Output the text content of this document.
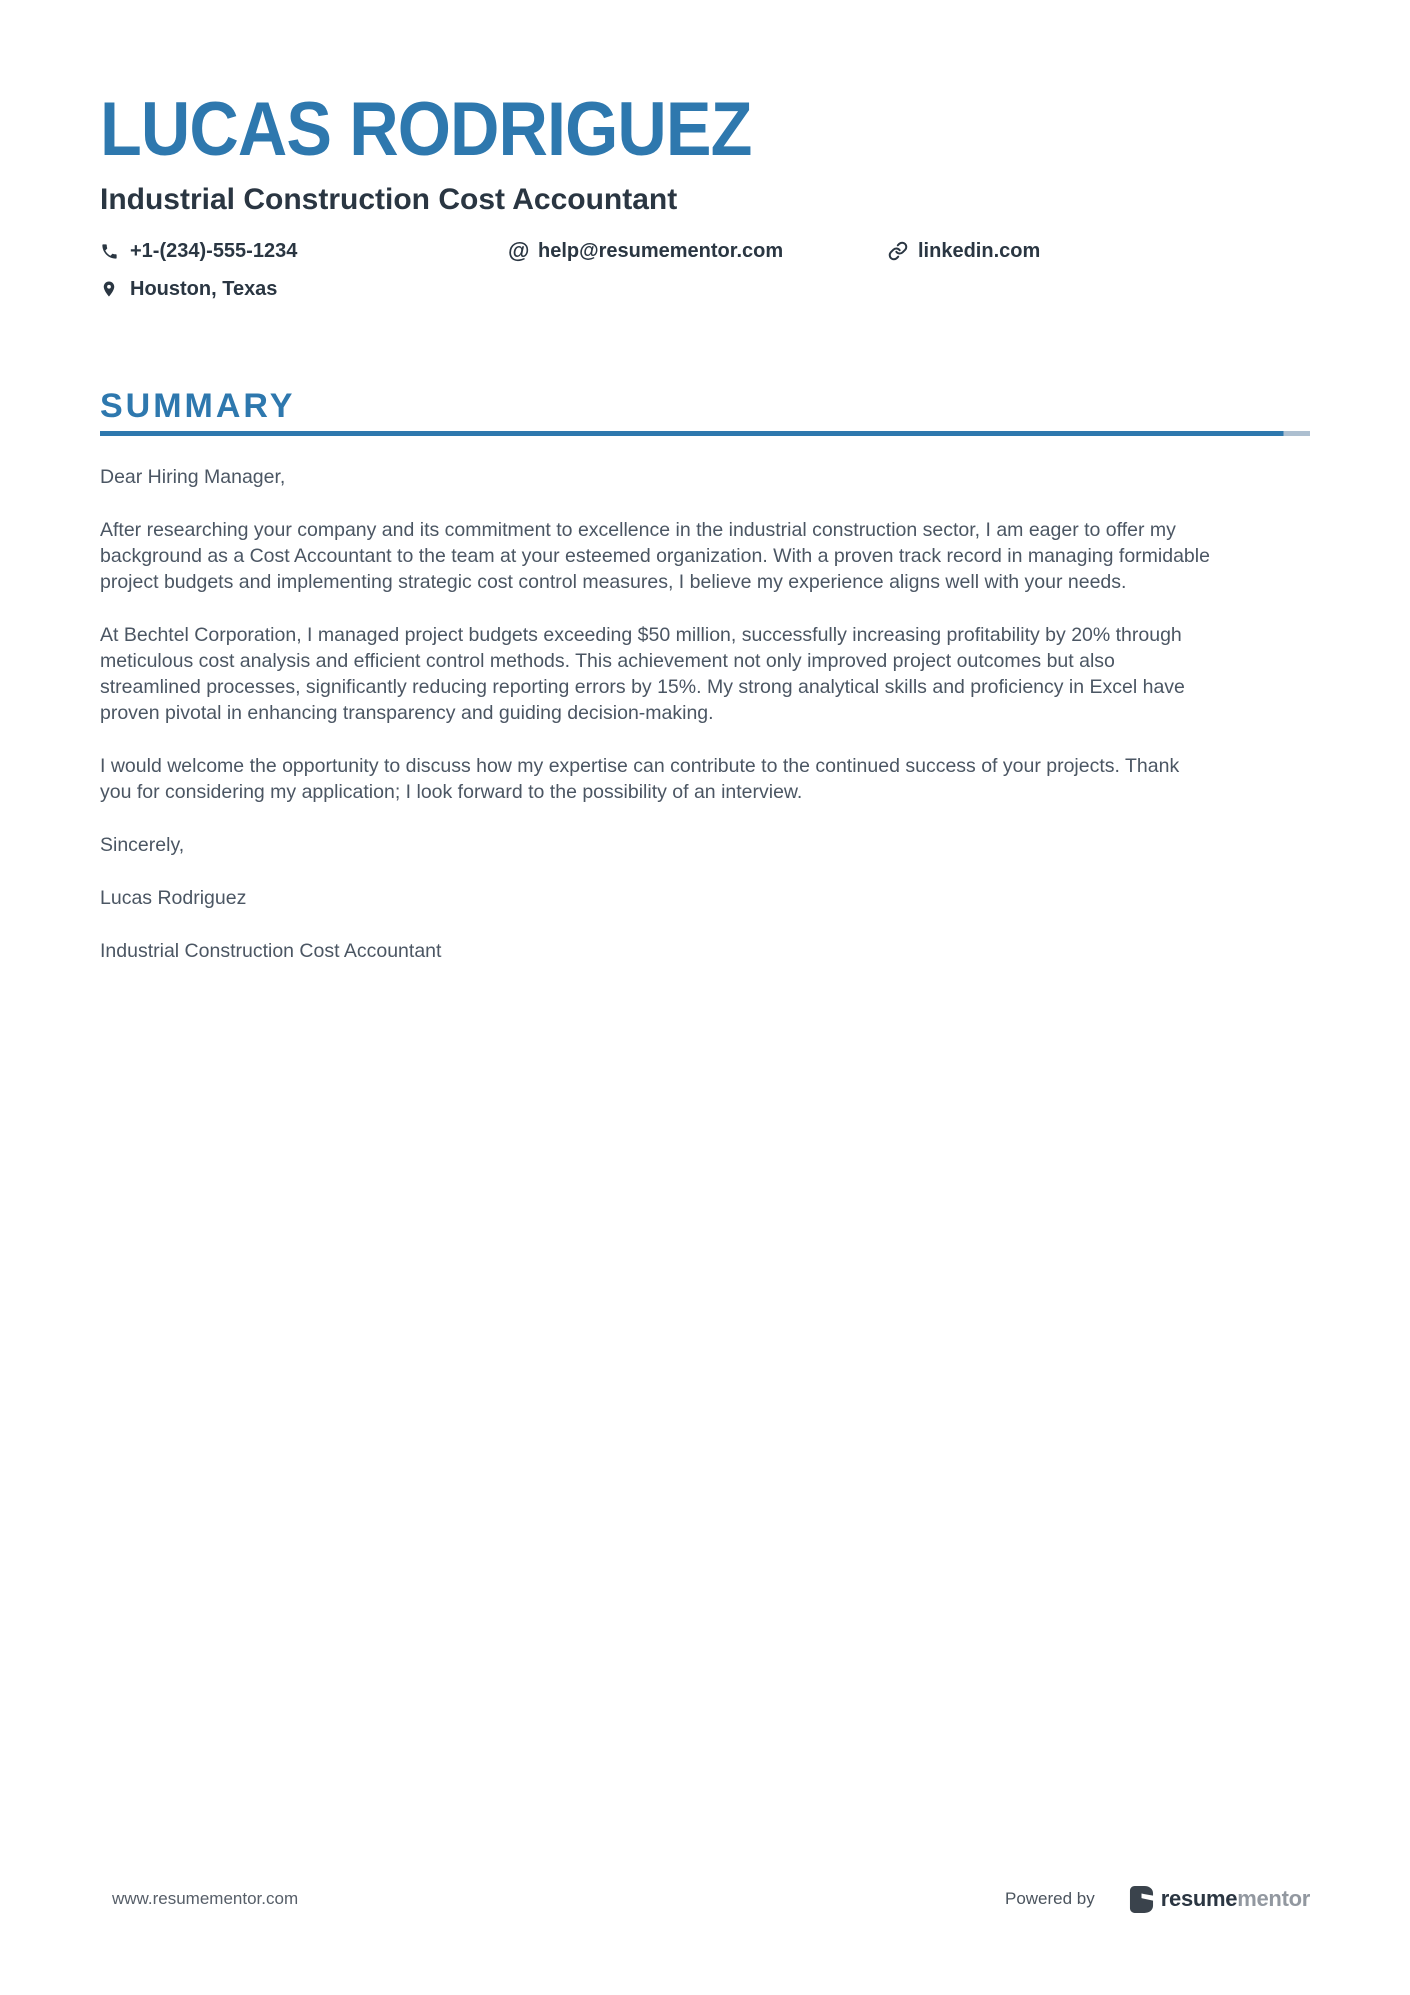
LUCAS RODRIGUEZ
Industrial Construction Cost Accountant
+1-(234)-555-1234	@ help@resumementor.com	linkedin.com
Houston, Texas
SUMMARY

Dear Hiring Manager,

After researching your company and its commitment to excellence in the industrial construction sector, I am eager to offer my background as a Cost Accountant to the team at your esteemed organization. With a proven track record in managing formidable project budgets and implementing strategic cost control measures, I believe my experience aligns well with your needs.

At Bechtel Corporation, I managed project budgets exceeding $50 million, successfully increasing profitability by 20% through meticulous cost analysis and efficient control methods. This achievement not only improved project outcomes but also streamlined processes, significantly reducing reporting errors by 15%. My strong analytical skills and proficiency in Excel have proven pivotal in enhancing transparency and guiding decision-making.

I would welcome the opportunity to discuss how my expertise can contribute to the continued success of your projects. Thank you for considering my application; I look forward to the possibility of an interview.

Sincerely,

Lucas Rodriguez

Industrial Construction Cost Accountant

www.resumementor.com	Powered by	resumementor
